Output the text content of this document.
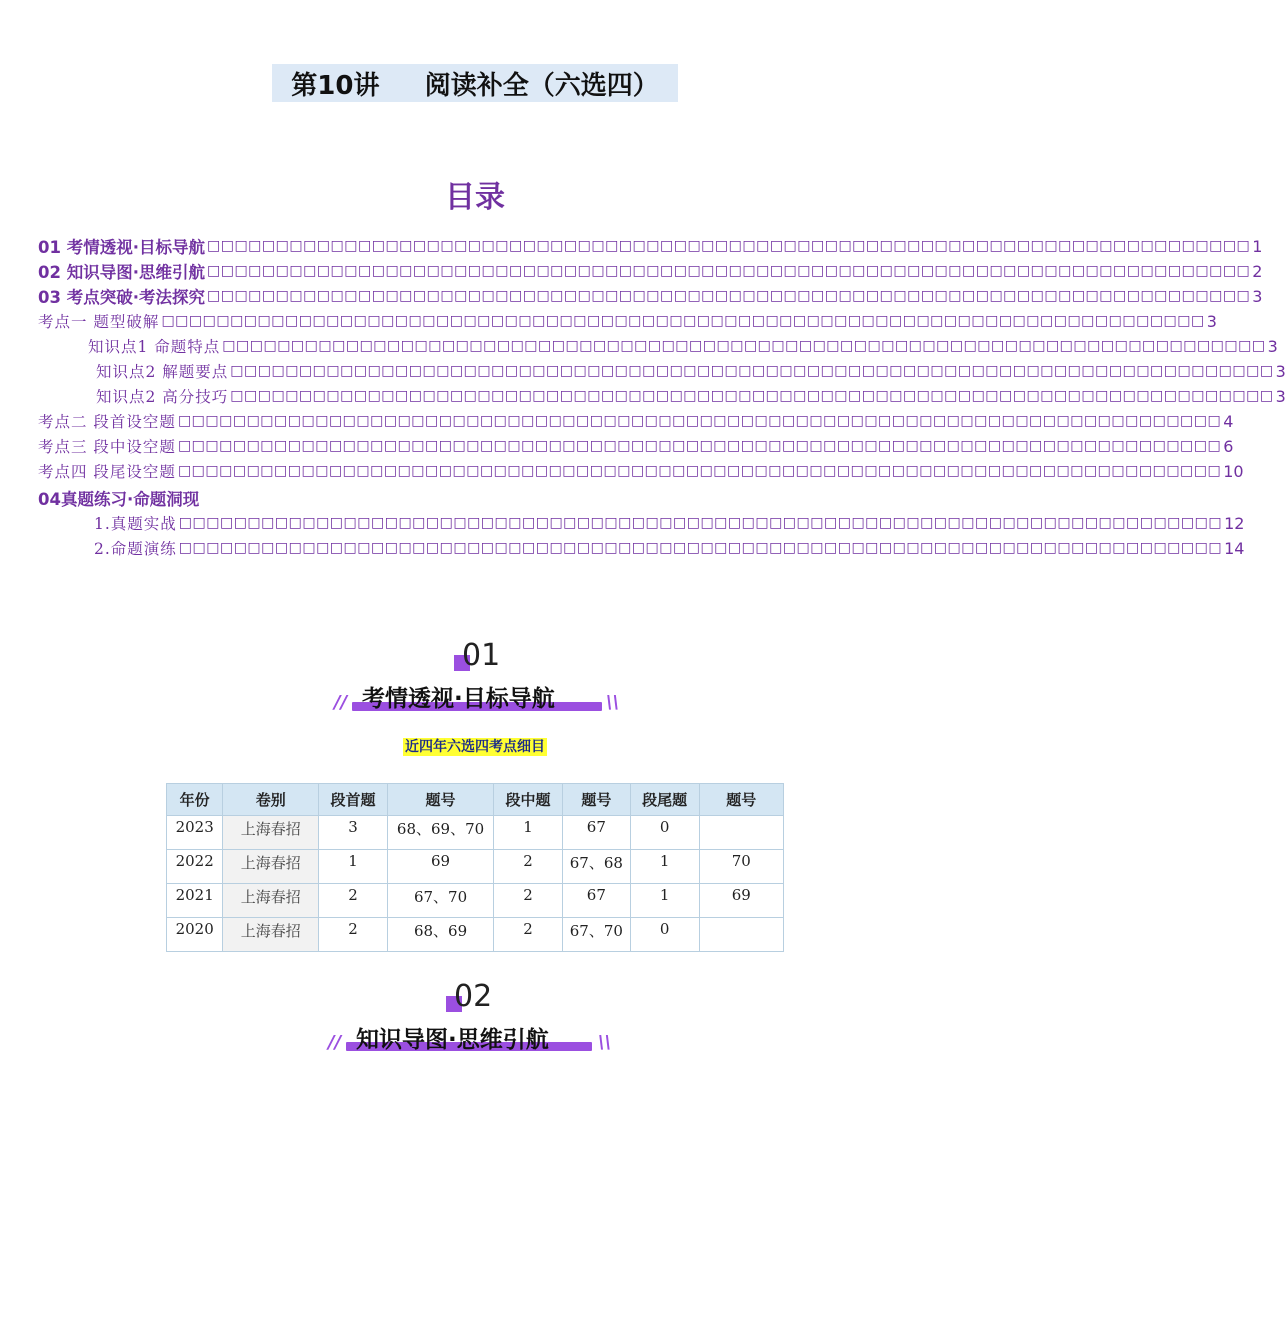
第10讲     阅读补全（六选四）
目录
01 考情透视·目标导航 □□□□□□□□□□□□□□□□□□□□□□□□□□□□□□□□□□□□□□□□□□□□□□□□□□□□□□□□□□□□□□□□□□□□□□□□□□□□ 1
02 知识导图·思维引航 □□□□□□□□□□□□□□□□□□□□□□□□□□□□□□□□□□□□□□□□□□□□□□□□□□□□□□□□□□□□□□□□□□□□□□□□□□□□ 2
03 考点突破·考法探究 □□□□□□□□□□□□□□□□□□□□□□□□□□□□□□□□□□□□□□□□□□□□□□□□□□□□□□□□□□□□□□□□□□□□□□□□□□□□ 3
考点一 题型破解 □□□□□□□□□□□□□□□□□□□□□□□□□□□□□□□□□□□□□□□□□□□□□□□□□□□□□□□□□□□□□□□□□□□□□□□□□□□□ 3
知识点1 命题特点 □□□□□□□□□□□□□□□□□□□□□□□□□□□□□□□□□□□□□□□□□□□□□□□□□□□□□□□□□□□□□□□□□□□□□□□□□□□□ 3
知识点2 解题要点 □□□□□□□□□□□□□□□□□□□□□□□□□□□□□□□□□□□□□□□□□□□□□□□□□□□□□□□□□□□□□□□□□□□□□□□□□□□□ 3
知识点2 高分技巧 □□□□□□□□□□□□□□□□□□□□□□□□□□□□□□□□□□□□□□□□□□□□□□□□□□□□□□□□□□□□□□□□□□□□□□□□□□□□ 3
考点二 段首设空题 □□□□□□□□□□□□□□□□□□□□□□□□□□□□□□□□□□□□□□□□□□□□□□□□□□□□□□□□□□□□□□□□□□□□□□□□□□□□ 4
考点三 段中设空题 □□□□□□□□□□□□□□□□□□□□□□□□□□□□□□□□□□□□□□□□□□□□□□□□□□□□□□□□□□□□□□□□□□□□□□□□□□□□ 6
考点四 段尾设空题 □□□□□□□□□□□□□□□□□□□□□□□□□□□□□□□□□□□□□□□□□□□□□□□□□□□□□□□□□□□□□□□□□□□□□□□□□□□□ 10
04真题练习·命题洞现
1.真题实战 □□□□□□□□□□□□□□□□□□□□□□□□□□□□□□□□□□□□□□□□□□□□□□□□□□□□□□□□□□□□□□□□□□□□□□□□□□□□ 12
2.命题演练 □□□□□□□□□□□□□□□□□□□□□□□□□□□□□□□□□□□□□□□□□□□□□□□□□□□□□□□□□□□□□□□□□□□□□□□□□□□□ 14
01
// 考情透视·目标导航	\\
近四年六选四考点细目
年份	卷别	段首题	题号	段中题	题号	段尾题	题号
2023	上海春招	3	68、69、70	1	67	0	
2022	上海春招	1	69	2	67、68	1	70
2021	上海春招	2	67、70	2	67	1	69
2020	上海春招	2	68、69	2	67、70	0	
02
// 知识导图·思维引航	\\
